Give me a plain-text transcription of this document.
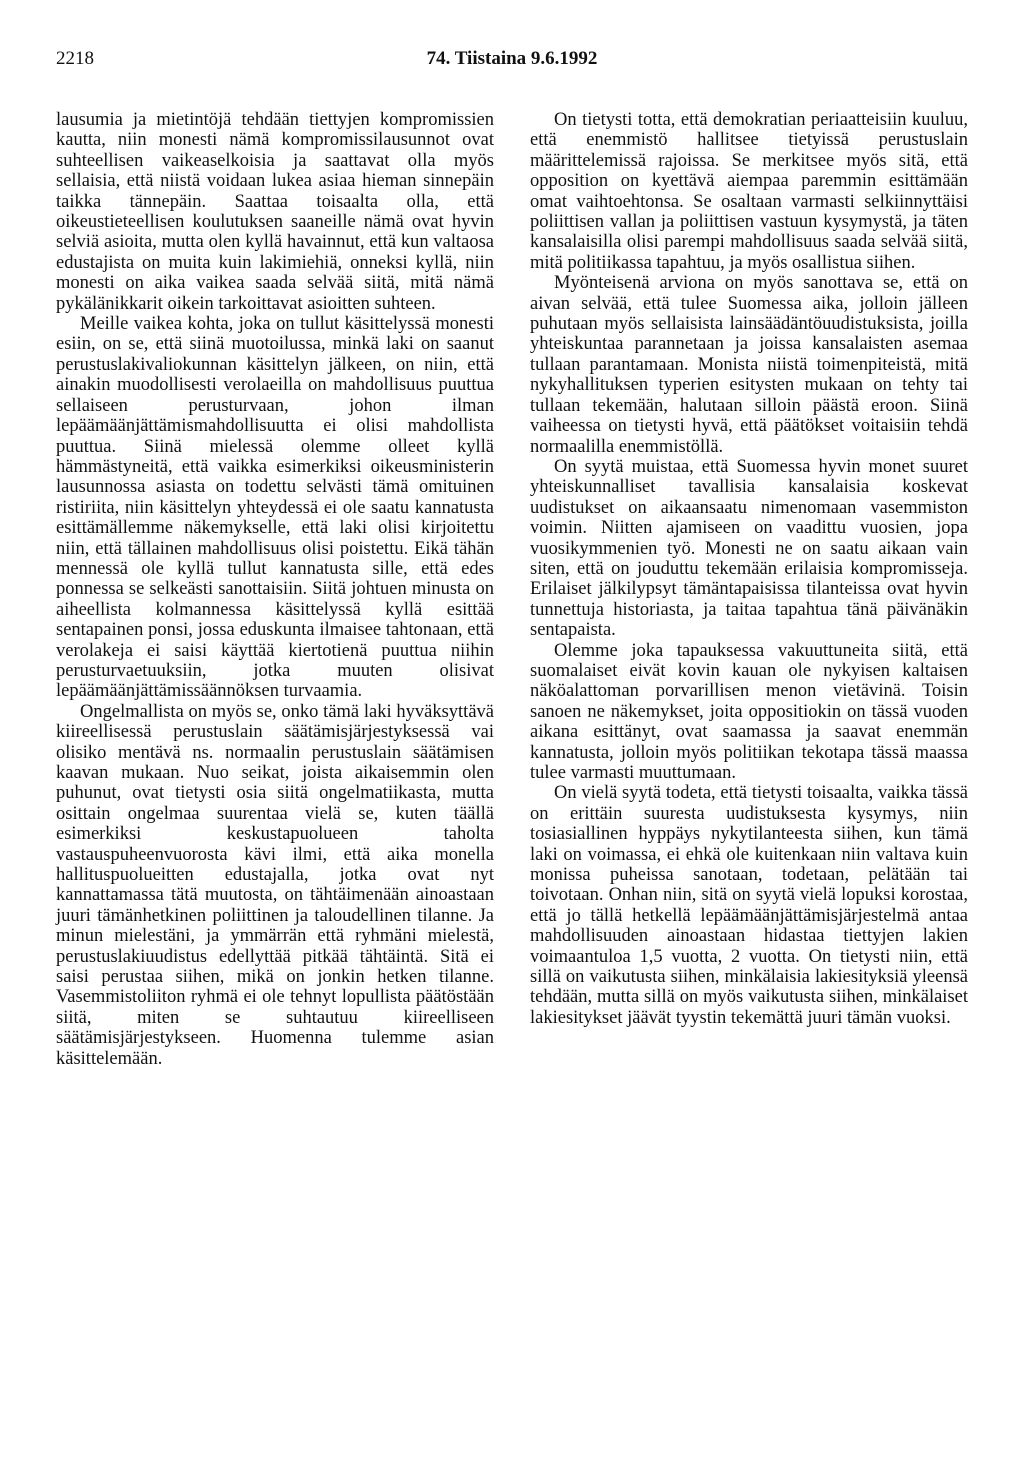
2218	74. Tiistaina 9.6.1992

lausumia ja mietintöjä tehdään tiettyjen kompromissien kautta, niin monesti nämä kompromissilausunnot ovat suhteellisen vaikeaselkoisia ja saattavat olla myös sellaisia, että niistä voidaan lukea asiaa hieman sinnepäin taikka tännepäin. Saattaa toisaalta olla, että oikeustieteellisen koulutuksen saaneille nämä ovat hyvin selviä asioita, mutta olen kyllä havainnut, että kun valtaosa edustajista on muita kuin lakimiehiä, onneksi kyllä, niin monesti on aika vaikea saada selvää siitä, mitä nämä pykälänikkarit oikein tarkoittavat asioitten suhteen.

Meille vaikea kohta, joka on tullut käsittelyssä monesti esiin, on se, että siinä muotoilussa, minkä laki on saanut perustuslakivaliokunnan käsittelyn jälkeen, on niin, että ainakin muodollisesti verolaeilla on mahdollisuus puuttua sellaiseen perusturvaan, johon ilman lepäämäänjättämismahdollisuutta ei olisi mahdollista puuttua. Siinä mielessä olemme olleet kyllä hämmästyneitä, että vaikka esimerkiksi oikeusministerin lausunnossa asiasta on todettu selvästi tämä omituinen ristiriita, niin käsittelyn yhteydessä ei ole saatu kannatusta esittämällemme näkemykselle, että laki olisi kirjoitettu niin, että tällainen mahdollisuus olisi poistettu. Eikä tähän mennessä ole kyllä tullut kannatusta sille, että edes ponnessa se selkeästi sanottaisiin. Siitä johtuen minusta on aiheellista kolmannessa käsittelyssä kyllä esittää sentapainen ponsi, jossa eduskunta ilmaisee tahtonaan, että verolakeja ei saisi käyttää kiertotienä puuttua niihin perusturvaetuuksiin, jotka muuten olisivat lepäämäänjättämissäännöksen turvaamia.

Ongelmallista on myös se, onko tämä laki hyväksyttävä kiireellisessä perustuslain säätämisjärjestyksessä vai olisiko mentävä ns. normaalin perustuslain säätämisen kaavan mukaan. Nuo seikat, joista aikaisemmin olen puhunut, ovat tietysti osia siitä ongelmatiikasta, mutta osittain ongelmaa suurentaa vielä se, kuten täällä esimerkiksi keskustapuolueen taholta vastauspuheenvuorosta kävi ilmi, että aika monella hallituspuolueitten edustajalla, jotka ovat nyt kannattamassa tätä muutosta, on tähtäimenään ainoastaan juuri tämänhetkinen poliittinen ja taloudellinen tilanne. Ja minun mielestäni, ja ymmärrän että ryhmäni mielestä, perustuslakiuudistus edellyttää pitkää tähtäintä. Sitä ei saisi perustaa siihen, mikä on jonkin hetken tilanne. Vasemmistoliiton ryhmä ei ole tehnyt lopullista päätöstään siitä, miten se suhtautuu kiireelliseen säätämisjärjestykseen. Huomenna tulemme asian käsittelemään.

On tietysti totta, että demokratian periaatteisiin kuuluu, että enemmistö hallitsee tietyissä perustuslain määrittelemissä rajoissa. Se merkitsee myös sitä, että opposition on kyettävä aiempaa paremmin esittämään omat vaihtoehtonsa. Se osaltaan varmasti selkiinnyttäisi poliittisen vallan ja poliittisen vastuun kysymystä, ja täten kansalaisilla olisi parempi mahdollisuus saada selvää siitä, mitä politiikassa tapahtuu, ja myös osallistua siihen.

Myönteisenä arviona on myös sanottava se, että on aivan selvää, että tulee Suomessa aika, jolloin jälleen puhutaan myös sellaisista lainsäädäntöuudistuksista, joilla yhteiskuntaa parannetaan ja joissa kansalaisten asemaa tullaan parantamaan. Monista niistä toimenpiteistä, mitä nykyhallituksen typerien esitysten mukaan on tehty tai tullaan tekemään, halutaan silloin päästä eroon. Siinä vaiheessa on tietysti hyvä, että päätökset voitaisiin tehdä normaalilla enemmistöllä.

On syytä muistaa, että Suomessa hyvin monet suuret yhteiskunnalliset tavallisia kansalaisia koskevat uudistukset on aikaansaatu nimenomaan vasemmiston voimin. Niitten ajamiseen on vaadittu vuosien, jopa vuosikymmenien työ. Monesti ne on saatu aikaan vain siten, että on jouduttu tekemään erilaisia kompromisseja. Erilaiset jälkilypsyt tämäntapaisissa tilanteissa ovat hyvin tunnettuja historiasta, ja taitaa tapahtua tänä päivänäkin sentapaista.

Olemme joka tapauksessa vakuuttuneita siitä, että suomalaiset eivät kovin kauan ole nykyisen kaltaisen näköalattoman porvarillisen menon vietävinä. Toisin sanoen ne näkemykset, joita oppositiokin on tässä vuoden aikana esittänyt, ovat saamassa ja saavat enemmän kannatusta, jolloin myös politiikan tekotapa tässä maassa tulee varmasti muuttumaan.

On vielä syytä todeta, että tietysti toisaalta, vaikka tässä on erittäin suuresta uudistuksesta kysymys, niin tosiasiallinen hyppäys nykytilanteesta siihen, kun tämä laki on voimassa, ei ehkä ole kuitenkaan niin valtava kuin monissa puheissa sanotaan, todetaan, pelätään tai toivotaan. Onhan niin, sitä on syytä vielä lopuksi korostaa, että jo tällä hetkellä lepäämäänjättämisjärjestelmä antaa mahdollisuuden ainoastaan hidastaa tiettyjen lakien voimaantuloa 1,5 vuotta, 2 vuotta. On tietysti niin, että sillä on vaikutusta siihen, minkälaisia lakiesityksiä yleensä tehdään, mutta sillä on myös vaikutusta siihen, minkälaiset lakiesitykset jäävät tyystin tekemättä juuri tämän vuoksi.
